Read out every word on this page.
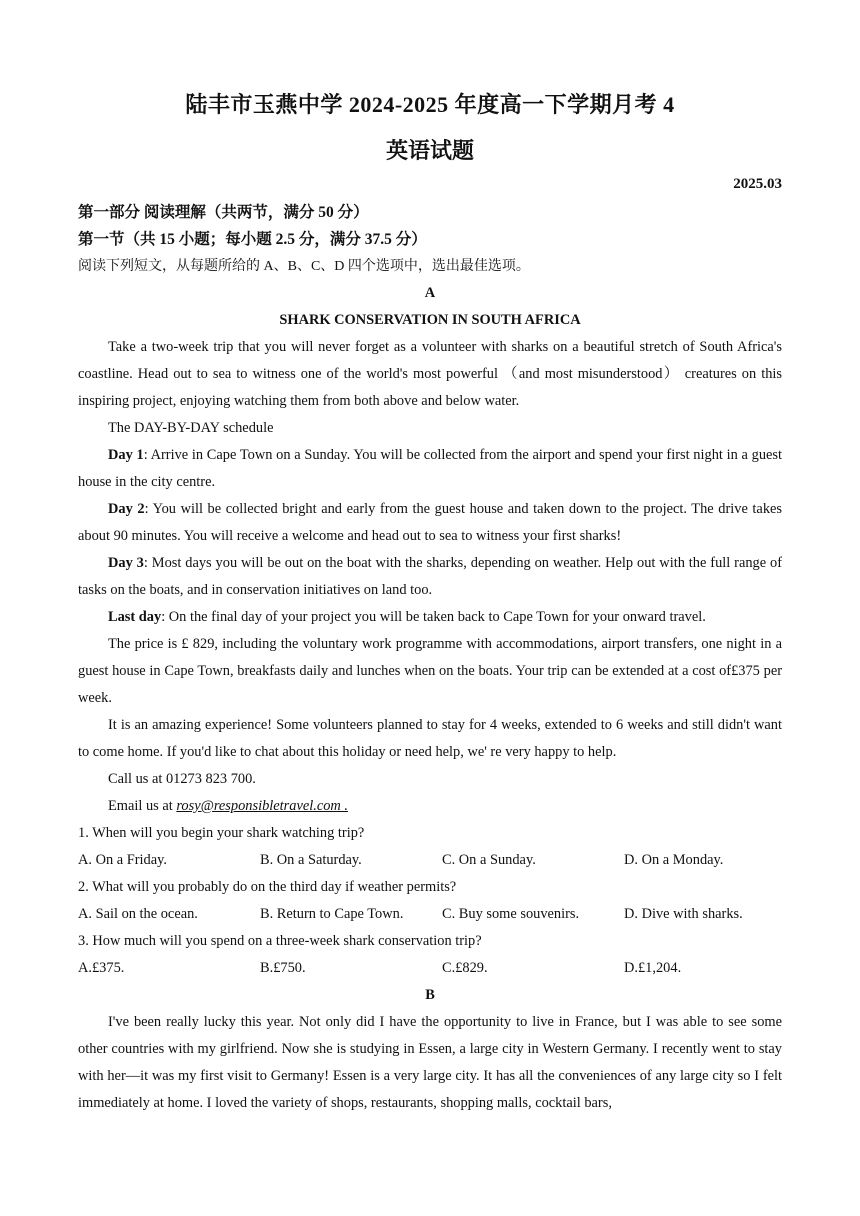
陆丰市玉燕中学 2024-2025 年度高一下学期月考 4
英语试题
2025.03

第一部分 阅读理解（共两节，满分 50 分）

第一节（共 15 小题；每小题 2.5 分，满分 37.5 分）

阅读下列短文，从每题所给的 A、B、C、D 四个选项中，选出最佳选项。

A

SHARK CONSERVATION IN SOUTH AFRICA

Take a two-week trip that you will never forget as a volunteer with sharks on a beautiful stretch of South Africa's coastline. Head out to sea to witness one of the world's most powerful （and most misunderstood） creatures on this inspiring project, enjoying watching them from both above and below water.

The DAY-BY-DAY schedule

Day 1: Arrive in Cape Town on a Sunday. You will be collected from the airport and spend your first night in a guest house in the city centre.

Day 2: You will be collected bright and early from the guest house and taken down to the project. The drive takes about 90 minutes. You will receive a welcome and head out to sea to witness your first sharks!

Day 3: Most days you will be out on the boat with the sharks, depending on weather. Help out with the full range of tasks on the boats, and in conservation initiatives on land too.

Last day: On the final day of your project you will be taken back to Cape Town for your onward travel.

The price is £ 829, including the voluntary work programme with accommodations, airport transfers, one night in a guest house in Cape Town, breakfasts daily and lunches when on the boats. Your trip can be extended at a cost of£375 per week.

It is an amazing experience! Some volunteers planned to stay for 4 weeks, extended to 6 weeks and still didn't want to come home. If you'd like to chat about this holiday or need help, we' re very happy to help.

Call us at 01273 823 700.

Email us at rosy@responsibletravel.com .

1. When will you begin your shark watching trip?

A. On a Friday.	B. On a Saturday.	C. On a Sunday.	D. On a Monday.

2. What will you probably do on the third day if weather permits?

A. Sail on the ocean.	B. Return to Cape Town.	C. Buy some souvenirs.	D. Dive with sharks.

3. How much will you spend on a three-week shark conservation trip?

A.£375.	B.£750.	C.£829.	D.£1,204.

B

I've been really lucky this year. Not only did I have the opportunity to live in France, but I was able to see some other countries with my girlfriend. Now she is studying in Essen, a large city in Western Germany. I recently went to stay with her—it was my first visit to Germany! Essen is a very large city. It has all the conveniences of any large city so I felt immediately at home. I loved the variety of shops, restaurants, shopping malls, cocktail bars,
